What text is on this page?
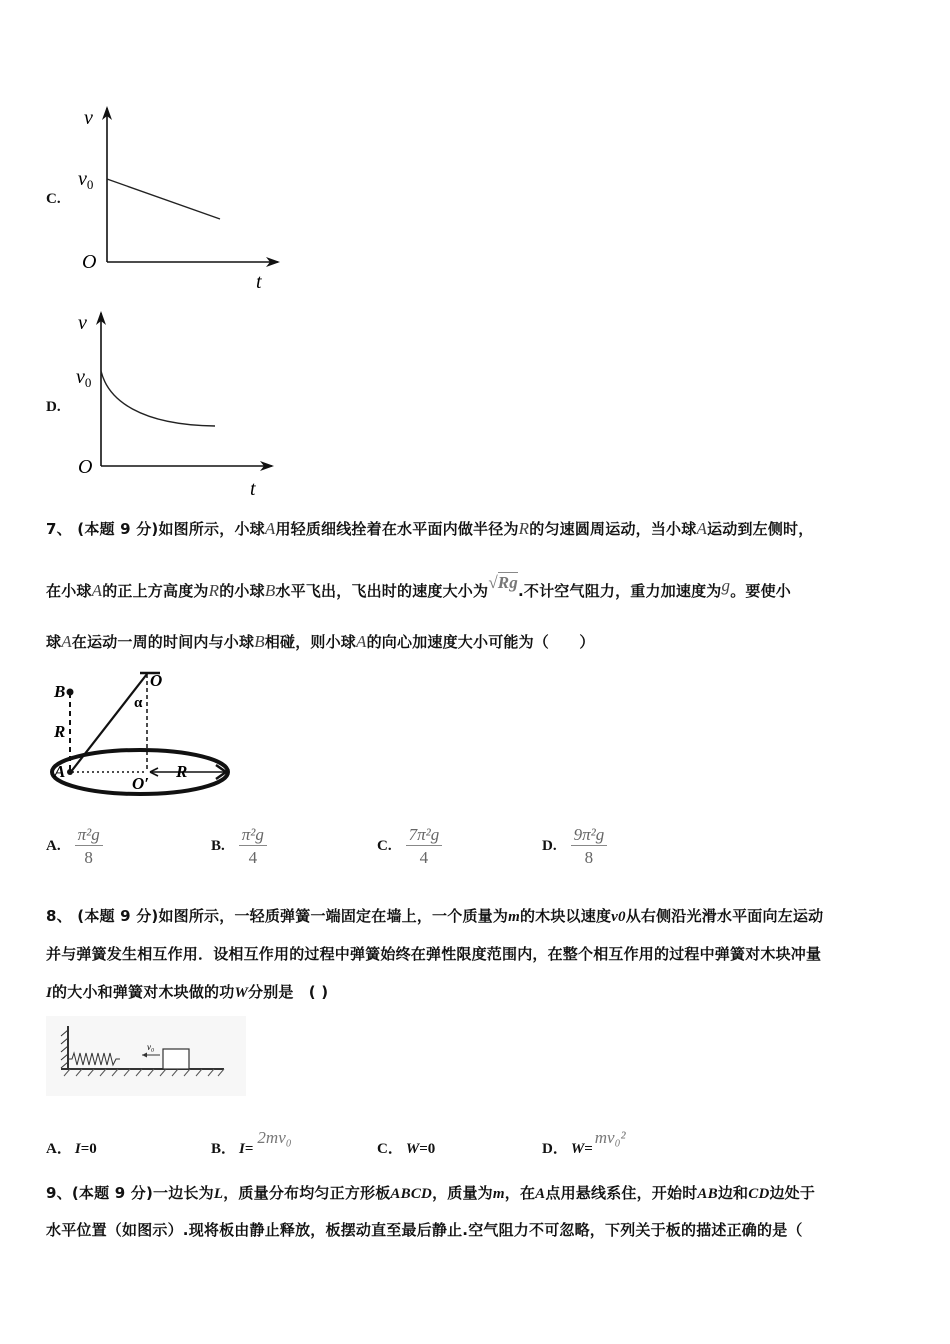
C.
v
$v_0$
O
t
D.
v
$v_0$
O
t
7、 (本题 9 分)如图所示，小球A用轻质细线拴着在水平面内做半径为R的匀速圆周运动，当小球A运动到左侧时，
在小球A的正上方高度为R的小球B水平飞出，飞出时的速度大小为√Rg.不计空气阻力，重力加速度为g。要使小
球A在运动一周的时间内与小球B相碰，则小球A的向心加速度大小可能为（　　）
B
R
A
O
α
O′
R
A. $\frac{\text{π²g}}{8}$	B. $\frac{\text{π²g}}{4}$	C. $\frac{\text{7π²g}}{4}$	D. $\frac{\text{9π²g}}{8}$
8、 (本题 9 分)如图所示，一轻质弹簧一端固定在墙上，一个质量为m的木块以速度v0从右侧沿光滑水平面向左运动
并与弹簧发生相互作用．设相互作用的过程中弹簧始终在弹性限度范围内，在整个相互作用的过程中弹簧对木块冲量
I的大小和弹簧对木块做的功W分别是　( )
v₀
A． I =0	B． I =
2mv₀
C． W =0	D． W =
mv₀²
9、(本题 9 分)一边长为L，质量分布均匀正方形板ABCD，质量为m，在A点用悬线系住，开始时AB边和CD边处于
水平位置（如图示）.现将板由静止释放，板摆动直至最后静止.空气阻力不可忽略，下列关于板的描述正确的是（
